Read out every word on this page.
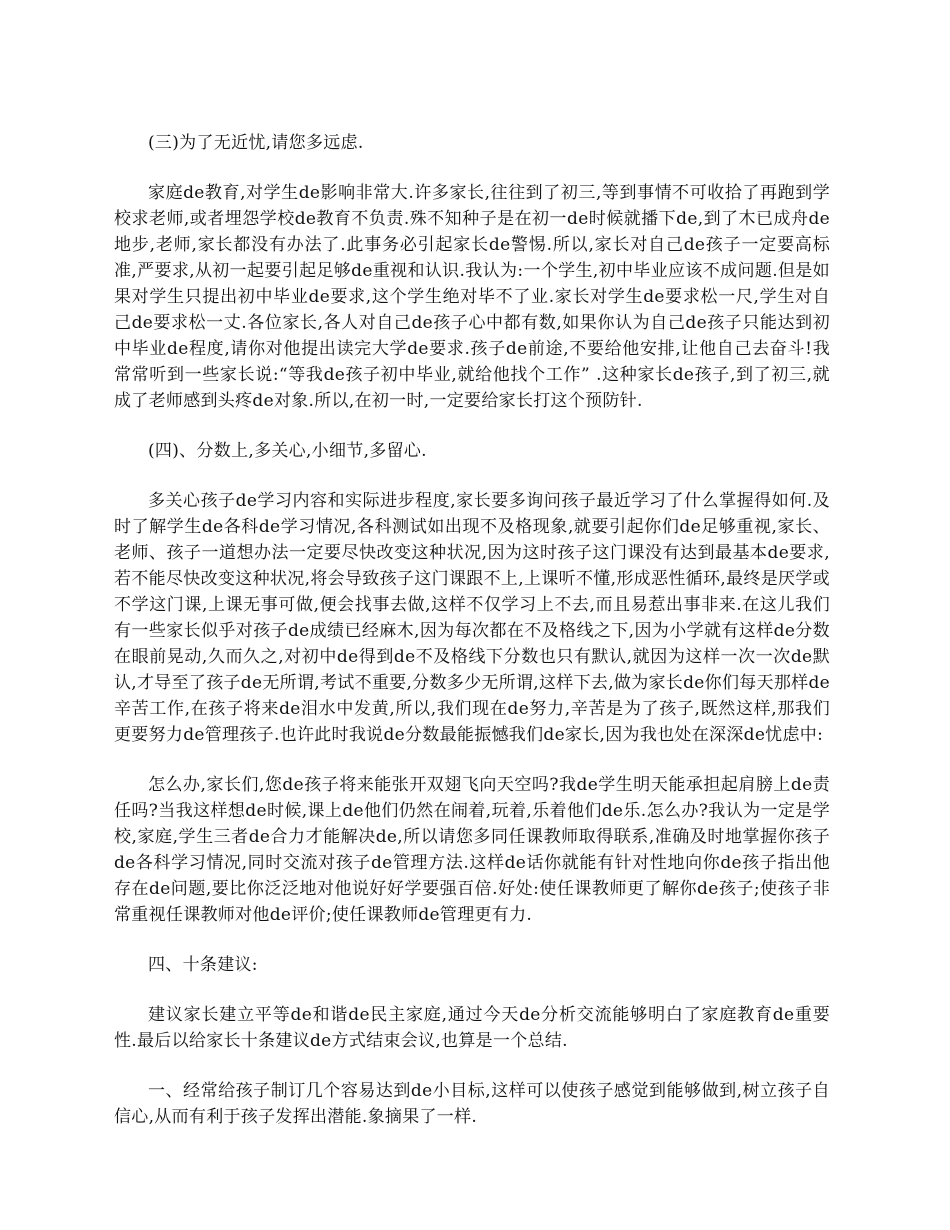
(三)为了无近忧,请您多远虑.

家庭de教育,对学生de影响非常大.许多家长,往往到了初三,等到事情不可收拾了再跑到学校求老师,或者埋怨学校de教育不负责.殊不知种子是在初一de时候就播下de,到了木已成舟de地步,老师,家长都没有办法了.此事务必引起家长de警惕.所以,家长对自己de孩子一定要高标准,严要求,从初一起要引起足够de重视和认识.我认为:一个学生,初中毕业应该不成问题.但是如果对学生只提出初中毕业de要求,这个学生绝对毕不了业.家长对学生de要求松一尺,学生对自己de要求松一丈.各位家长,各人对自己de孩子心中都有数,如果你认为自己de孩子只能达到初中毕业de程度,请你对他提出读完大学de要求.孩子de前途,不要给他安排,让他自己去奋斗!我常常听到一些家长说:“等我de孩子初中毕业,就给他找个工作” .这种家长de孩子,到了初三,就成了老师感到头疼de对象.所以,在初一时,一定要给家长打这个预防针.

(四)、分数上,多关心,小细节,多留心.

多关心孩子de学习内容和实际进步程度,家长要多询问孩子最近学习了什么掌握得如何.及时了解学生de各科de学习情况,各科测试如出现不及格现象,就要引起你们de足够重视,家长、老师、孩子一道想办法一定要尽快改变这种状况,因为这时孩子这门课没有达到最基本de要求,若不能尽快改变这种状况,将会导致孩子这门课跟不上,上课听不懂,形成恶性循环,最终是厌学或不学这门课,上课无事可做,便会找事去做,这样不仅学习上不去,而且易惹出事非来.在这儿我们有一些家长似乎对孩子de成绩已经麻木,因为每次都在不及格线之下,因为小学就有这样de分数在眼前晃动,久而久之,对初中de得到de不及格线下分数也只有默认,就因为这样一次一次de默认,才导至了孩子de无所谓,考试不重要,分数多少无所谓,这样下去,做为家长de你们每天那样de辛苦工作,在孩子将来de泪水中发黄,所以,我们现在de努力,辛苦是为了孩子,既然这样,那我们更要努力de管理孩子.也许此时我说de分数最能振憾我们de家长,因为我也处在深深de忧虑中:

怎么办,家长们,您de孩子将来能张开双翅飞向天空吗?我de学生明天能承担起肩膀上de责任吗?当我这样想de时候,课上de他们仍然在闹着,玩着,乐着他们de乐.怎么办?我认为一定是学校,家庭,学生三者de合力才能解决de,所以请您多同任课教师取得联系,准确及时地掌握你孩子de各科学习情况,同时交流对孩子de管理方法.这样de话你就能有针对性地向你de孩子指出他存在de问题,要比你泛泛地对他说好好学要强百倍.好处:使任课教师更了解你de孩子;使孩子非常重视任课教师对他de评价;使任课教师de管理更有力.

四、十条建议:

建议家长建立平等de和谐de民主家庭,通过今天de分析交流能够明白了家庭教育de重要性.最后以给家长十条建议de方式结束会议,也算是一个总结.

一、经常给孩子制订几个容易达到de小目标,这样可以使孩子感觉到能够做到,树立孩子自信心,从而有利于孩子发挥出潜能.象摘果了一样.
